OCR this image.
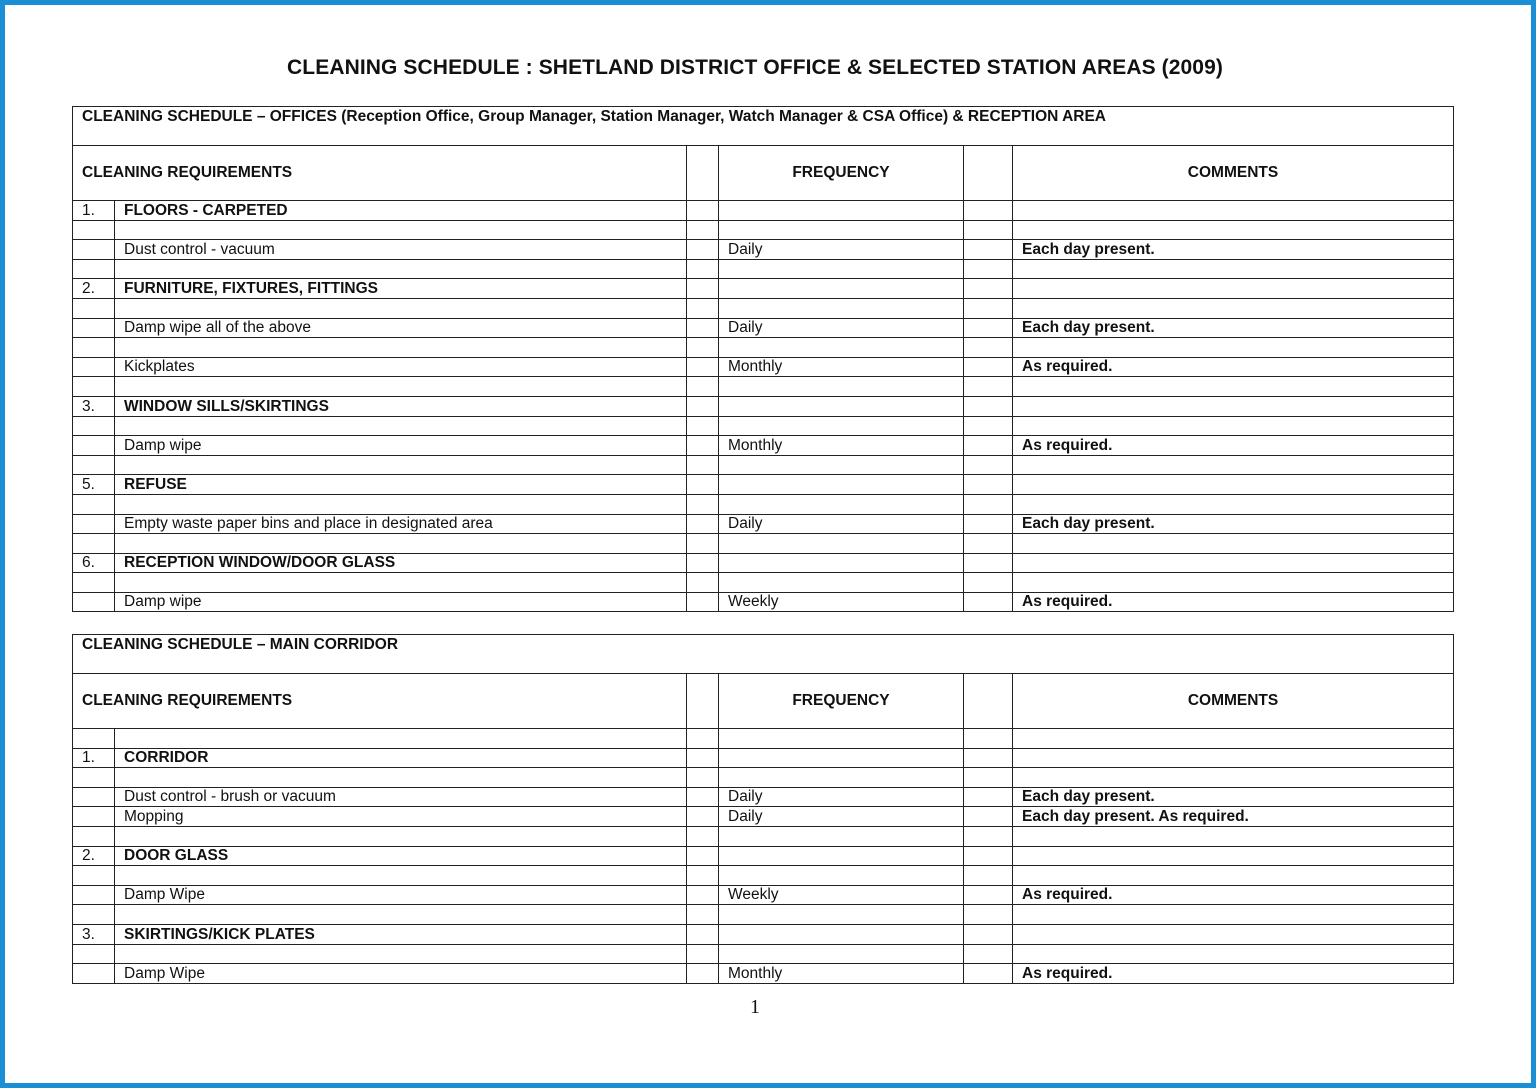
CLEANING SCHEDULE : SHETLAND DISTRICT OFFICE & SELECTED STATION AREAS (2009)
CLEANING SCHEDULE – OFFICES (Reception Office, Group Manager, Station Manager, Watch Manager & CSA Office) & RECEPTION AREA					
CLEANING REQUIREMENTS			FREQUENCY		COMMENTS
1.	FLOORS - CARPETED				

	Dust control - vacuum		Daily		Each day present.

2.	FURNITURE, FIXTURES, FITTINGS				

	Damp wipe all of the above		Daily		Each day present.

	Kickplates		Monthly		As required.

3.	WINDOW SILLS/SKIRTINGS				

	Damp wipe		Monthly		As required.

5.	REFUSE				

	Empty waste paper bins and place in designated area		Daily		Each day present.

6.	RECEPTION WINDOW/DOOR GLASS				

	Damp wipe		Weekly		As required.
CLEANING SCHEDULE – MAIN CORRIDOR					
CLEANING REQUIREMENTS			FREQUENCY		COMMENTS

1.	CORRIDOR				

	Dust control - brush or vacuum		Daily		Each day present.
	Mopping		Daily		Each day present. As required.

2.	DOOR GLASS				

	Damp Wipe		Weekly		As required.

3.	SKIRTINGS/KICK PLATES				

	Damp Wipe		Monthly		As required.
1
